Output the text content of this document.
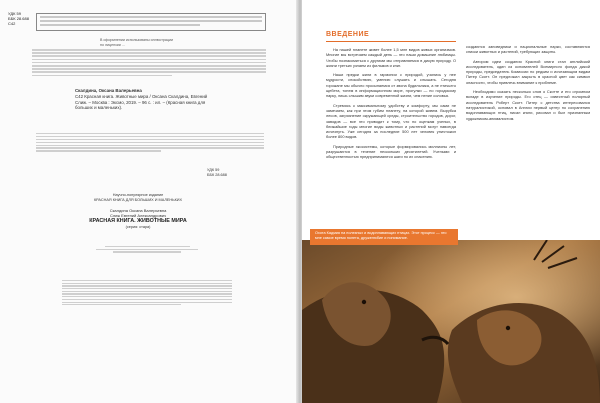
УДК 59
ББК 28.688
С42
В оформлении использованы иллюстрации
по лицензии ...
Скалдина, Оксана Валерьевна
С42 Красная книга. Животные мира / Оксана Скалдина, Евгений
Слиж. – Москва : Эксмо, 2019. – 96 с. : ил. – (Красная книга для
больших и маленьких).
УДК 59
ББК 28.688
Научно-популярное издание
КРАСНАЯ КНИГА ДЛЯ БОЛЬШИХ И МАЛЕНЬКИХ
Скалдина Оксана Валерьевна
Слиж Евгений Александрович
КРАСНАЯ КНИГА. ЖИВОТНЫЕ МИРА
(серия: стара)
ВВЕДЕНИЕ

На нашей планете живет более 1,5 млн видов живых организмов. Многие мы встречаем каждый день — это наши домашние любимцы. Чтобы познакомиться с другими мы отправляемся в дикую природу. О жизни третьих узнаем из фильмов и книг.

Наши предки жили в гармонии с природой, учились у нее мудрости, спокойствию, умению слушать и слышать. Сегодня горожане мы обычно просыпаемся от звона будильника, а не птичьего щебета, тонем в информационном море, прогулки — по городскому парку, лишь слышим звуки современной жизни, чем пение соловья.

Стремясь к максимальному удобству и комфорту, мы сами не замечаем, как при этом губим планету, на которой живем. Вырубка лесов, загрязнение окружающей среды, строительство городов, дорог, заводов — все это приводит к тому, что по оценкам ученых, в ближайшие годы многие виды животных и растений могут навсегда исчезнуть. Уже сегодня за последние 500 лет человек уничтожил более 800 видов.

Природные экосистемы, которые формировались миллионы лет, разрушаются в течение нескольких десятилетий. Учеными и общественностью предпринимаются шаги по их спасению.

создаются заповедники и национальные парки, составляются списки животных и растений, требующих защиты.

Автором идеи создания Красной книги стал английский исследователь, один из основателей Всемирного фонда дикой природы, председатель Комиссии по редким и исчезающим видам Питер Скотт. Он предложил закрыть в красной цвет как символ опасности, чтобы привлечь внимание к проблеме.

Необходимо сказать несколько слов о Скотте и его огромном вкладе в изучение природы. Его отец — известный полярный исследователь Роберт Скотт. Питер с детства интересовался натуралистикой, основал в Англии первый центр по сохранению водоплавающих птиц, писал книги, рисовал и был признанным художником-анималистом.

Охота Кадмия на полезных и водоплавающих птицах. Этот процесс — это мне самое время полета, дружелюбие и понимание.
